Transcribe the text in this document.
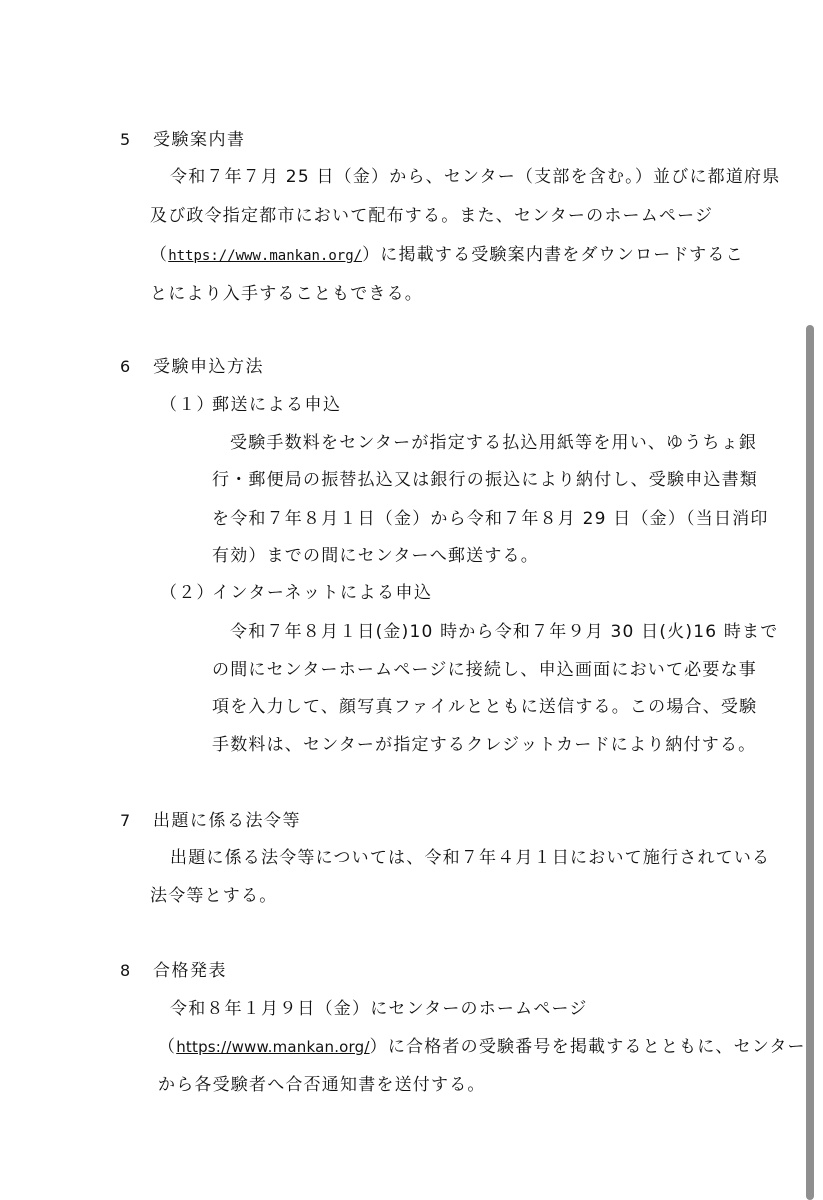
5 受験案内書
令和７年７月 25 日（金）から、センター（支部を含む。）並びに都道府県
及び政令指定都市において配布する。また、センターのホームページ
（https://www.mankan.org/）に掲載する受験案内書をダウンロードするこ
とにより入手することもできる。
6 受験申込方法
（１）
郵送による申込
受験手数料をセンターが指定する払込用紙等を用い、ゆうちょ銀
行・郵便局の振替払込又は銀行の振込により納付し、受験申込書類
を令和７年８月１日（金）から令和７年８月 29 日（金）（当日消印
有効）までの間にセンターへ郵送する。
（２）
インターネットによる申込
令和７年８月１日(金)10 時から令和７年９月 30 日(火)16 時まで
の間にセンターホームページに接続し、申込画面において必要な事
項を入力して、顔写真ファイルとともに送信する。この場合、受験
手数料は、センターが指定するクレジットカードにより納付する。
7 出題に係る法令等
出題に係る法令等については、令和７年４月１日において施行されている
法令等とする。
8 合格発表
令和８年１月９日（金）にセンターのホームページ
（https://www.mankan.org/）に合格者の受験番号を掲載するとともに、センター
から各受験者へ合否通知書を送付する。
